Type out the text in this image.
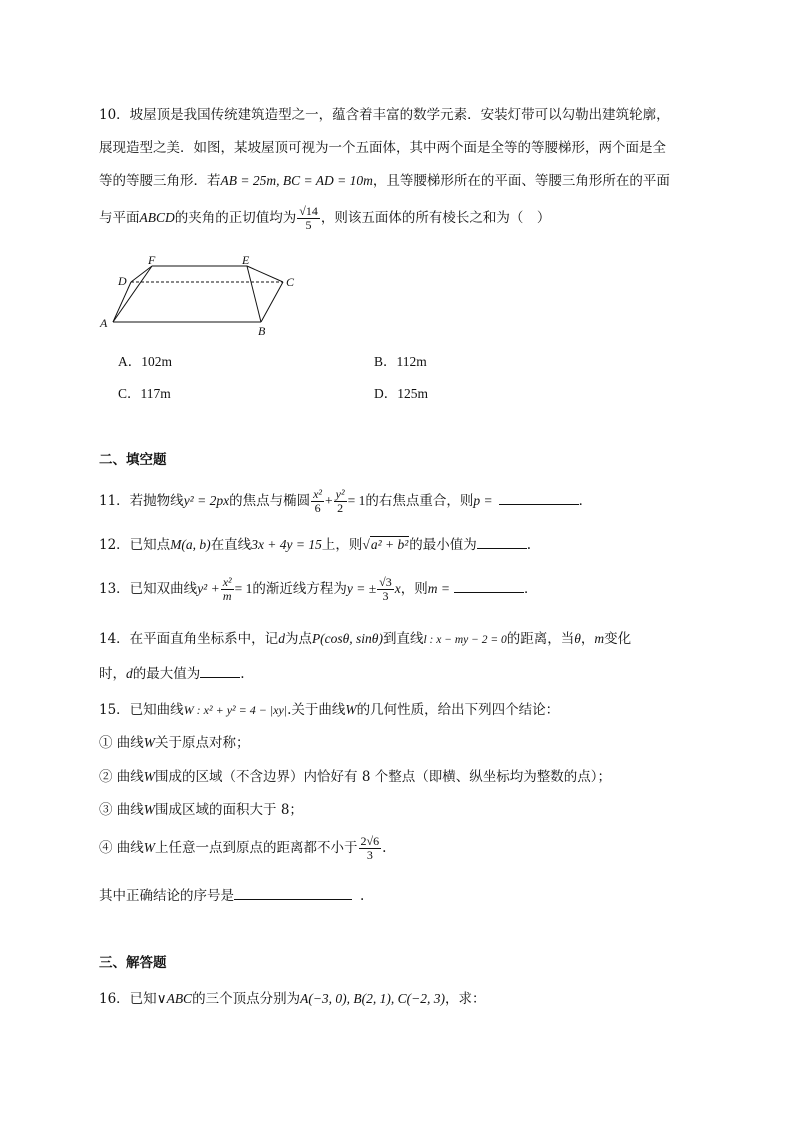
10．坡屋顶是我国传统建筑造型之一，蕴含着丰富的数学元素．安装灯带可以勾勒出建筑轮廓，
展现造型之美．如图，某坡屋顶可视为一个五面体，其中两个面是全等的等腰梯形，两个面是全
等的等腰三角形．若AB = 25m, BC = AD = 10m，且等腰梯形所在的平面、等腰三角形所在的平面
与平面ABCD的夹角的正切值均为 $\frac{√14}{5}$ ，则该五面体的所有棱长之和为（　）
A
B
C
D
E
F
A．102m	B．112m
C．117m	D．125m
二、填空题
11．若抛物线y² = 2px的焦点与椭圆 $\frac{\text{x²}}{6} + \frac{\text{y²}}{2} = 1$的右焦点重合，则p =	．
12．已知点M(a, b)在直线3x + 4y = 15上，则√a² + b²的最小值为	.
13．已知双曲线$y^2 + \frac{\text{x²}}{m} = 1$的渐近线方程为y = ± $\frac{√3}{3}$ x，则m =	．
14．在平面直角坐标系中，记d为点P(cosθ, sinθ)到直线l : x − my − 2 = 0的距离，当θ，m变化
时，d的最大值为	.
15．已知曲线W : x² + y² = 4 − |xy|.关于曲线W的几何性质，给出下列四个结论：
① 曲线W关于原点对称；
② 曲线W围成的区域（不含边界）内恰好有 8 个整点（即横、纵坐标均为整数的点）；
③ 曲线W围成区域的面积大于 8；
④ 曲线W上任意一点到原点的距离都不小于 $\frac{2√6}{3}$ .
其中正确结论的序号是	.
三、解答题
16．已知∨ABC的三个顶点分别为A(−3, 0), B(2, 1), C(−2, 3)，求：
